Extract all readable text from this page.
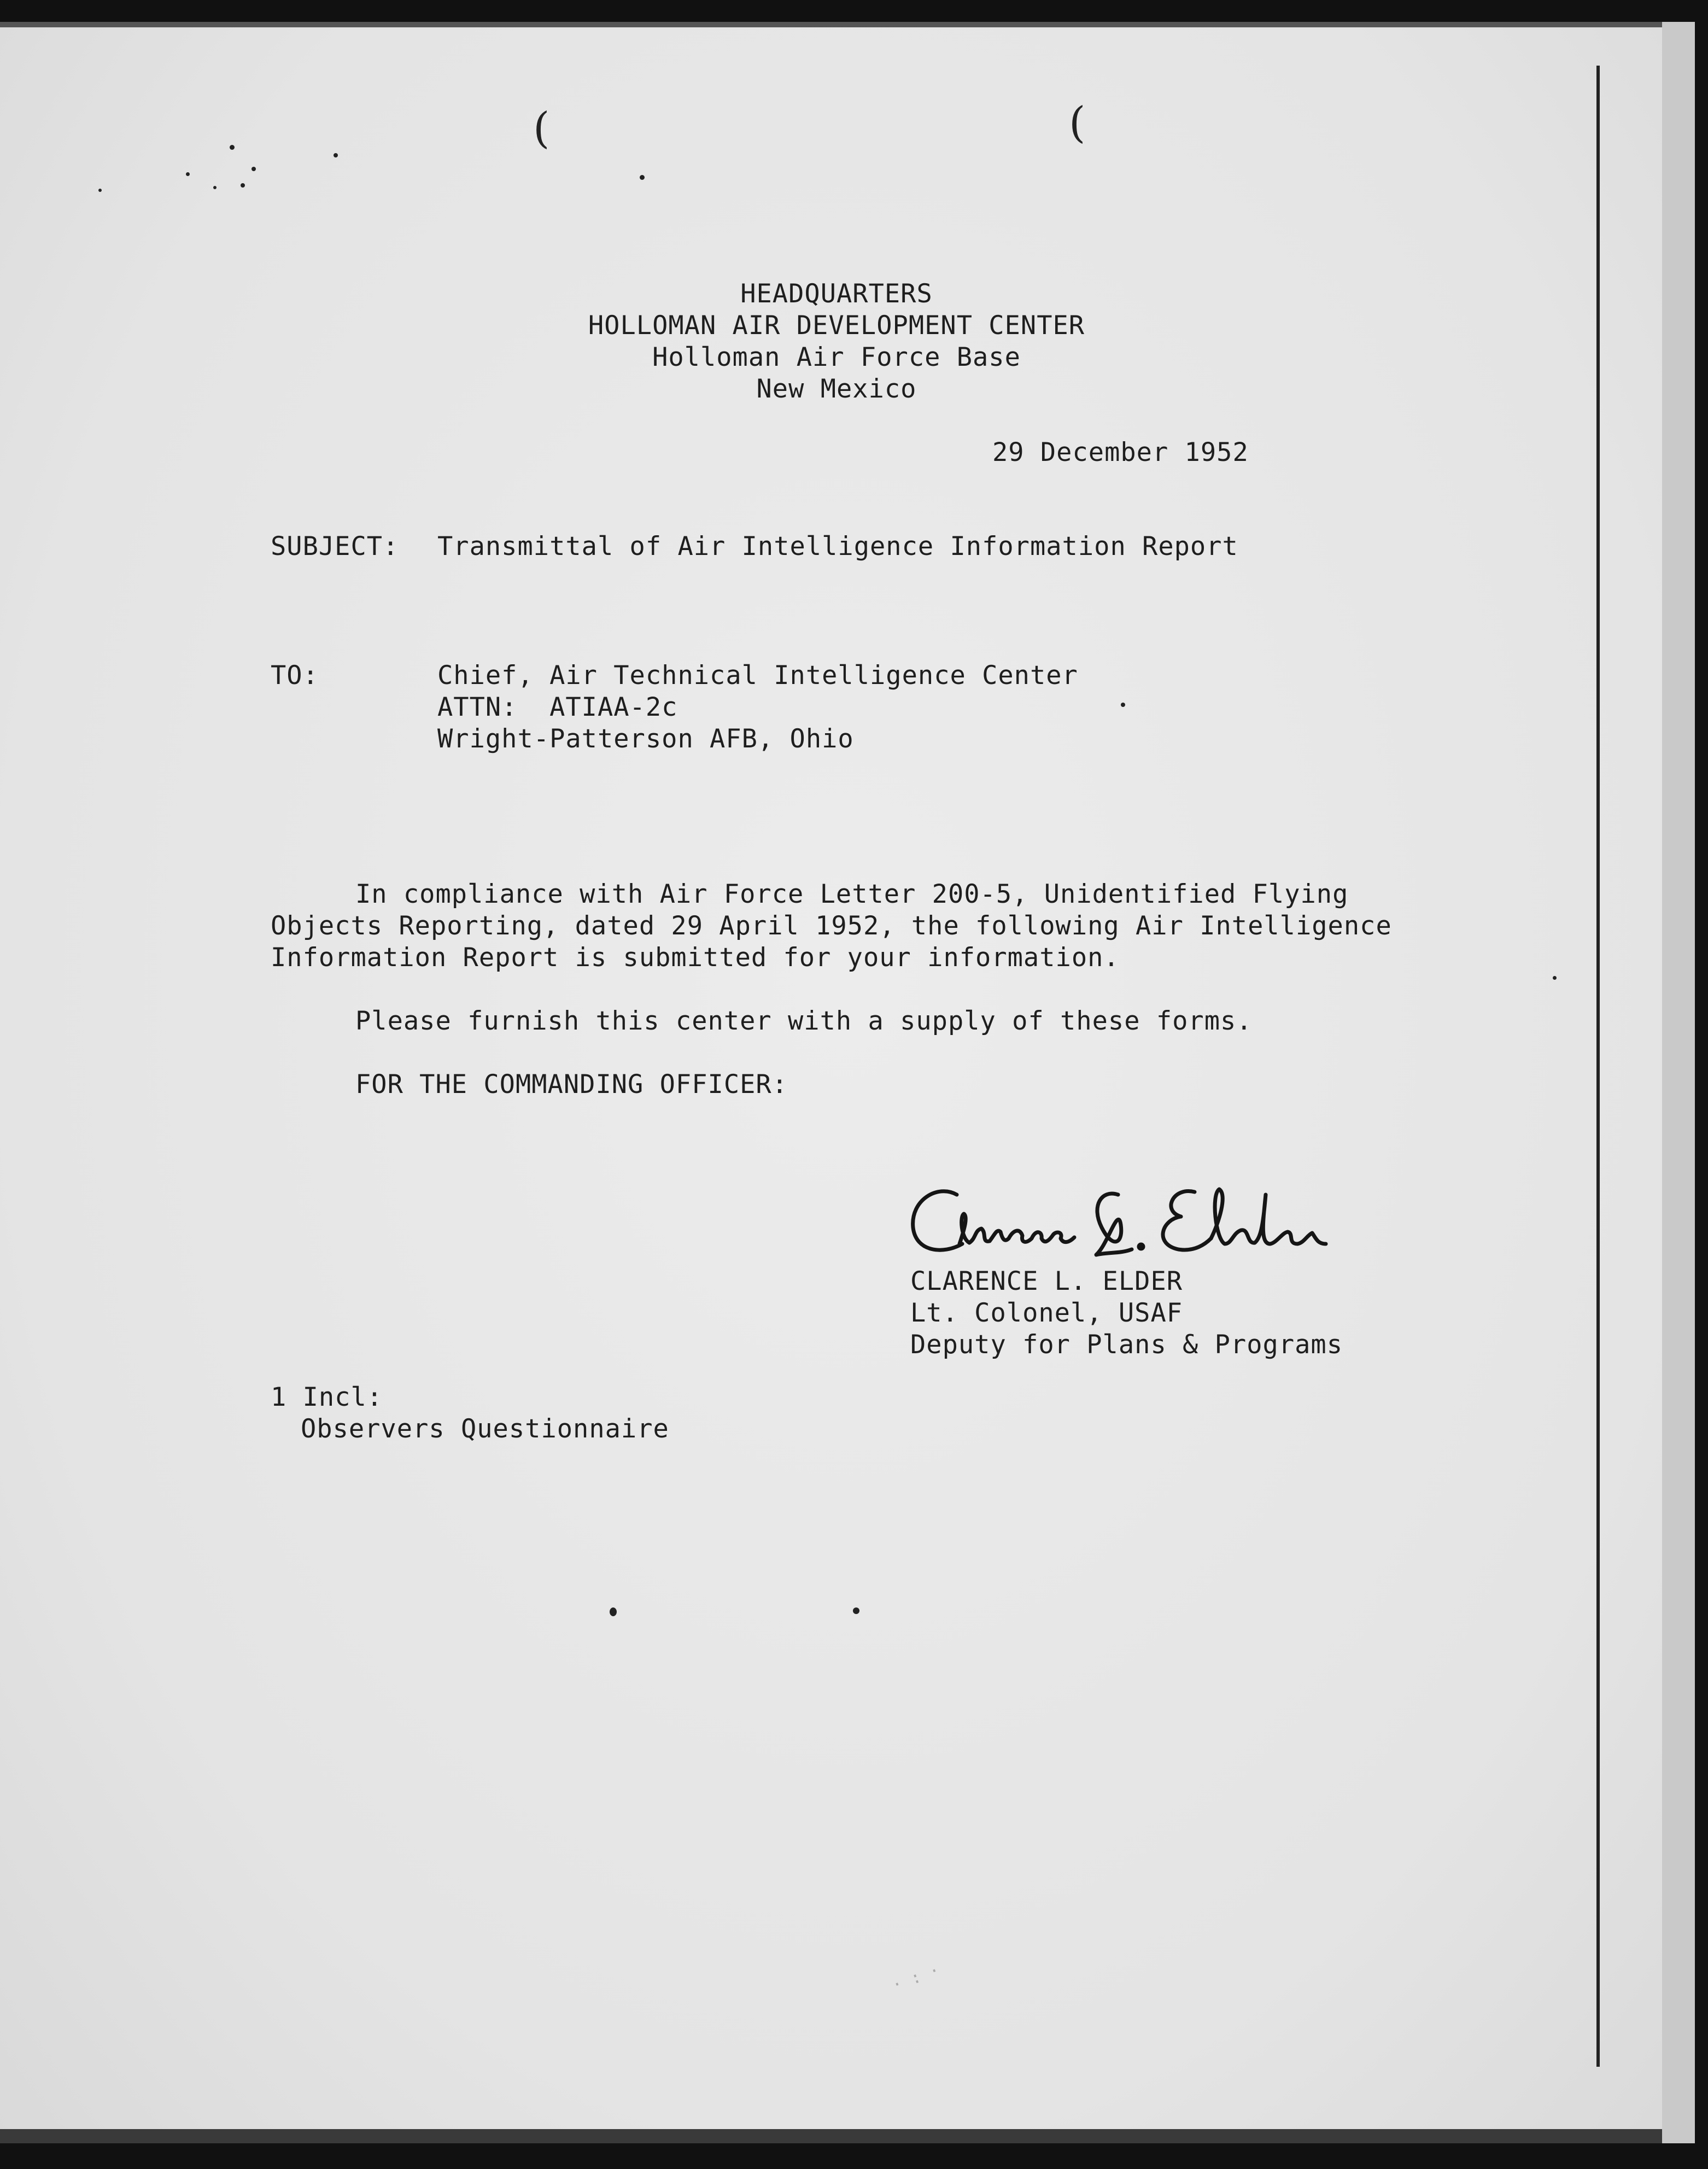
(	(
HEADQUARTERS
HOLLOMAN AIR DEVELOPMENT CENTER
Holloman Air Force Base
New Mexico
29 December 1952
SUBJECT: Transmittal of Air Intelligence Information Report
TO:	Chief, Air Technical Intelligence Center
ATTN:  ATIAA-2c
Wright-Patterson AFB, Ohio
In compliance with Air Force Letter 200-5, Unidentified Flying
Objects Reporting, dated 29 April 1952, the following Air Intelligence
Information Report is submitted for your information.
Please furnish this center with a supply of these forms.
FOR THE COMMANDING OFFICER:
CLARENCE L. ELDER
Lt. Colonel, USAF
Deputy for Plans & Programs
1 Incl:
Observers Questionnaire
· : ·
